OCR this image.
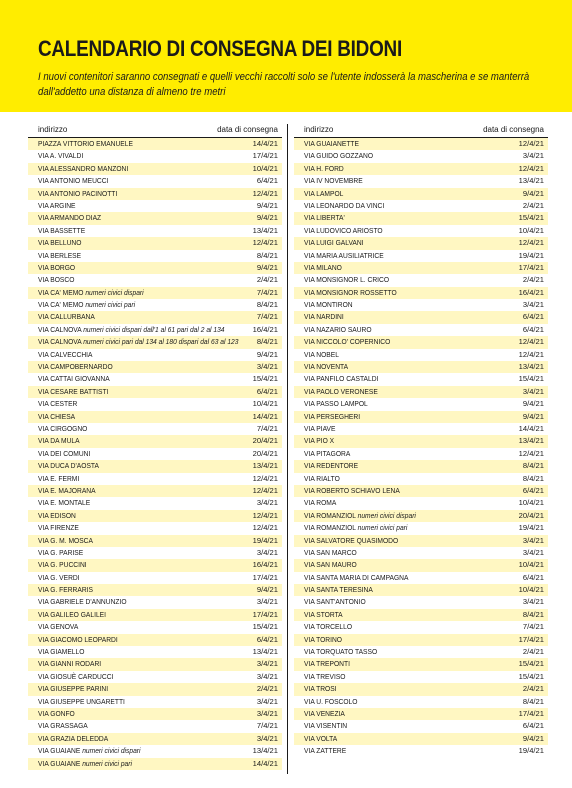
CALENDARIO DI CONSEGNA DEI BIDONI

I nuovi contenitori saranno consegnati e quelli vecchi raccolti solo se l'utente indosserà la mascherina e se manterrà dall'addetto una distanza di almeno tre metri

indirizzo	data di consegna
PIAZZA VITTORIO EMANUELE	14/4/21
VIA A. VIVALDI	17/4/21
VIA ALESSANDRO MANZONI	10/4/21
VIA ANTONIO MEUCCI	6/4/21
VIA ANTONIO PACINOTTI	12/4/21
VIA ARGINE	9/4/21
VIA ARMANDO DIAZ	9/4/21
VIA BASSETTE	13/4/21
VIA BELLUNO	12/4/21
VIA BERLESE	8/4/21
VIA BORGO	9/4/21
VIA BOSCO	2/4/21
VIA CA' MEMO numeri civici dispari	7/4/21
VIA CA' MEMO numeri civici pari	8/4/21
VIA CALLURBANA	7/4/21
VIA CALNOVA numeri civici dispari dall'1 al 61 pari dal 2 al 134	16/4/21
VIA CALNOVA numeri civici pari dal 134 al 180 dispari dal 63 al 123 8/4/21
VIA CALVECCHIA	9/4/21
VIA CAMPOBERNARDO	3/4/21
VIA CATTAI GIOVANNA	15/4/21
VIA CESARE BATTISTI	6/4/21
VIA CESTER	10/4/21
VIA CHIESA	14/4/21
VIA CIRGOGNO	7/4/21
VIA DA MULA	20/4/21
VIA DEI COMUNI	20/4/21
VIA DUCA D'AOSTA	13/4/21
VIA E. FERMI	12/4/21
VIA E. MAJORANA	12/4/21
VIA E. MONTALE	3/4/21
VIA EDISON	12/4/21
VIA FIRENZE	12/4/21
VIA G. M. MOSCA	19/4/21
VIA G. PARISE	3/4/21
VIA G. PUCCINI	16/4/21
VIA G. VERDI	17/4/21
VIA G. FERRARIS	9/4/21
VIA GABRIELE D'ANNUNZIO	3/4/21
VIA GALILEO GALILEI	17/4/21
VIA GENOVA	15/4/21
VIA GIACOMO LEOPARDI	6/4/21
VIA GIAMELLO	13/4/21
VIA GIANNI RODARI	3/4/21
VIA GIOSUÈ CARDUCCI	3/4/21
VIA GIUSEPPE PARINI	2/4/21
VIA GIUSEPPE UNGARETTI	3/4/21
VIA GONFO	3/4/21
VIA GRASSAGA	7/4/21
VIA GRAZIA DELEDDA	3/4/21
VIA GUAIANE numeri civici dispari	13/4/21
VIA GUAIANE numeri civici pari	14/4/21
indirizzo	data di consegna
VIA GUAIANETTE	12/4/21
VIA GUIDO GOZZANO	3/4/21
VIA H. FORD	12/4/21
VIA IV NOVEMBRE	13/4/21
VIA LAMPOL	9/4/21
VIA LEONARDO DA VINCI	2/4/21
VIA LIBERTA'	15/4/21
VIA LUDOVICO ARIOSTO	10/4/21
VIA LUIGI GALVANI	12/4/21
VIA MARIA AUSILIATRICE	19/4/21
VIA MILANO	17/4/21
VIA MONSIGNOR L. CRICO	2/4/21
VIA MONSIGNOR ROSSETTO	16/4/21
VIA MONTIRON	3/4/21
VIA NARDINI	6/4/21
VIA NAZARIO SAURO	6/4/21
VIA NICCOLO' COPERNICO	12/4/21
VIA NOBEL	12/4/21
VIA NOVENTA	13/4/21
VIA PANFILO CASTALDI	15/4/21
VIA PAOLO VERONESE	3/4/21
VIA PASSO LAMPOL	9/4/21
VIA PERSEGHERI	9/4/21
VIA PIAVE	14/4/21
VIA PIO X	13/4/21
VIA PITAGORA	12/4/21
VIA REDENTORE	8/4/21
VIA RIALTO	8/4/21
VIA ROBERTO SCHIAVO LENA	6/4/21
VIA ROMA	10/4/21
VIA ROMANZIOL numeri civici dispari	20/4/21
VIA ROMANZIOL numeri civici pari	19/4/21
VIA SALVATORE QUASIMODO	3/4/21
VIA SAN MARCO	3/4/21
VIA SAN MAURO	10/4/21
VIA SANTA MARIA DI CAMPAGNA	6/4/21
VIA SANTA TERESINA	10/4/21
VIA SANT'ANTONIO	3/4/21
VIA STORTA	8/4/21
VIA TORCELLO	7/4/21
VIA TORINO	17/4/21
VIA TORQUATO TASSO	2/4/21
VIA TREPONTI	15/4/21
VIA TREVISO	15/4/21
VIA TROSI	2/4/21
VIA U. FOSCOLO	8/4/21
VIA VENEZIA	17/4/21
VIA VISENTIN	6/4/21
VIA VOLTA	9/4/21
VIA ZATTERE	19/4/21
